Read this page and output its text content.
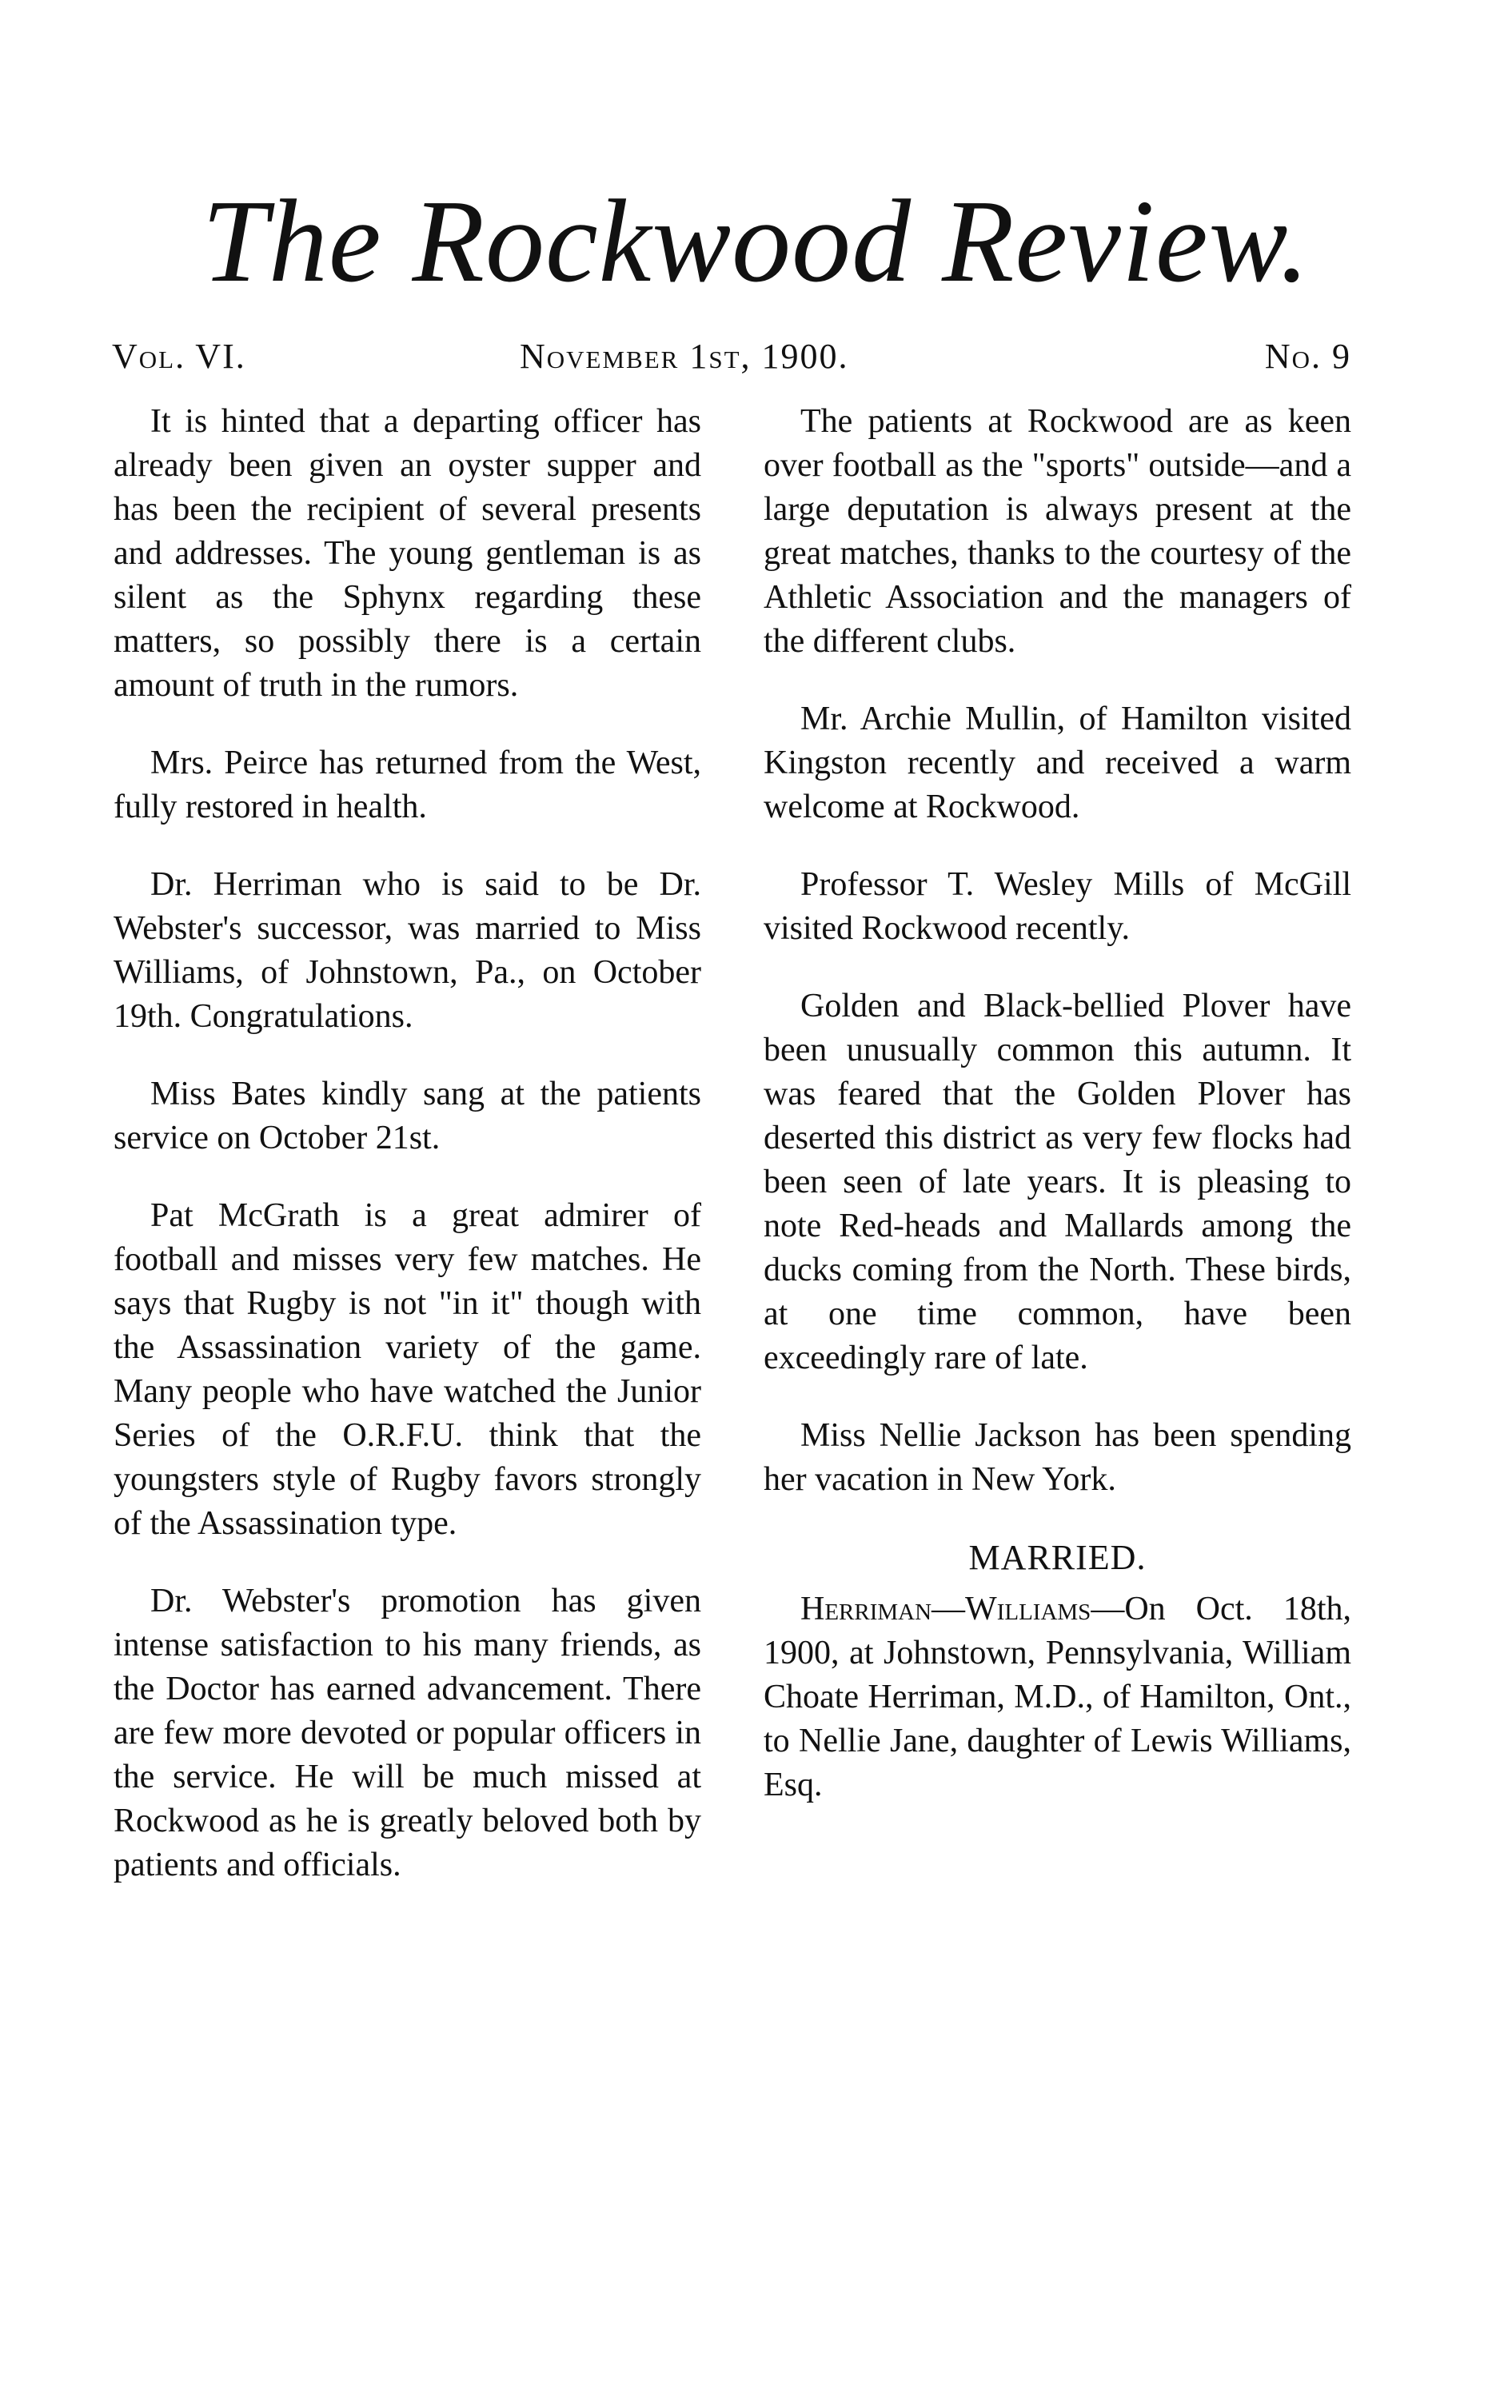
The Rockwood Review.
Vol. VI.	November 1st, 1900.	No. 9

It is hinted that a departing officer has already been given an oyster supper and has been the recipient of several presents and addresses. The young gentleman is as silent as the Sphynx regarding these matters, so possibly there is a certain amount of truth in the rumors.

Mrs. Peirce has returned from the West, fully restored in health.

Dr. Herriman who is said to be Dr. Webster's successor, was married to Miss Williams, of Johnstown, Pa., on October 19th. Congratulations.

Miss Bates kindly sang at the patients service on October 21st.

Pat McGrath is a great admirer of football and misses very few matches. He says that Rugby is not "in it" though with the Assassination variety of the game. Many people who have watched the Junior Series of the O.R.F.U. think that the youngsters style of Rugby favors strongly of the Assassination type.

Dr. Webster's promotion has given intense satisfaction to his many friends, as the Doctor has earned advancement. There are few more devoted or popular officers in the service. He will be much missed at Rockwood as he is greatly beloved both by patients and officials.

The patients at Rockwood are as keen over football as the "sports" outside—and a large deputation is always present at the great matches, thanks to the courtesy of the Athletic Association and the managers of the different clubs.

Mr. Archie Mullin, of Hamilton visited Kingston recently and received a warm welcome at Rockwood.

Professor T. Wesley Mills of McGill visited Rockwood recently.

Golden and Black-bellied Plover have been unusually common this autumn. It was feared that the Golden Plover has deserted this district as very few flocks had been seen of late years. It is pleasing to note Red-heads and Mallards among the ducks coming from the North. These birds, at one time common, have been exceedingly rare of late.

Miss Nellie Jackson has been spending her vacation in New York.

MARRIED.

Herriman—Williams—On Oct. 18th, 1900, at Johnstown, Pennsylvania, William Choate Herriman, M.D., of Hamilton, Ont., to Nellie Jane, daughter of Lewis Williams, Esq.
